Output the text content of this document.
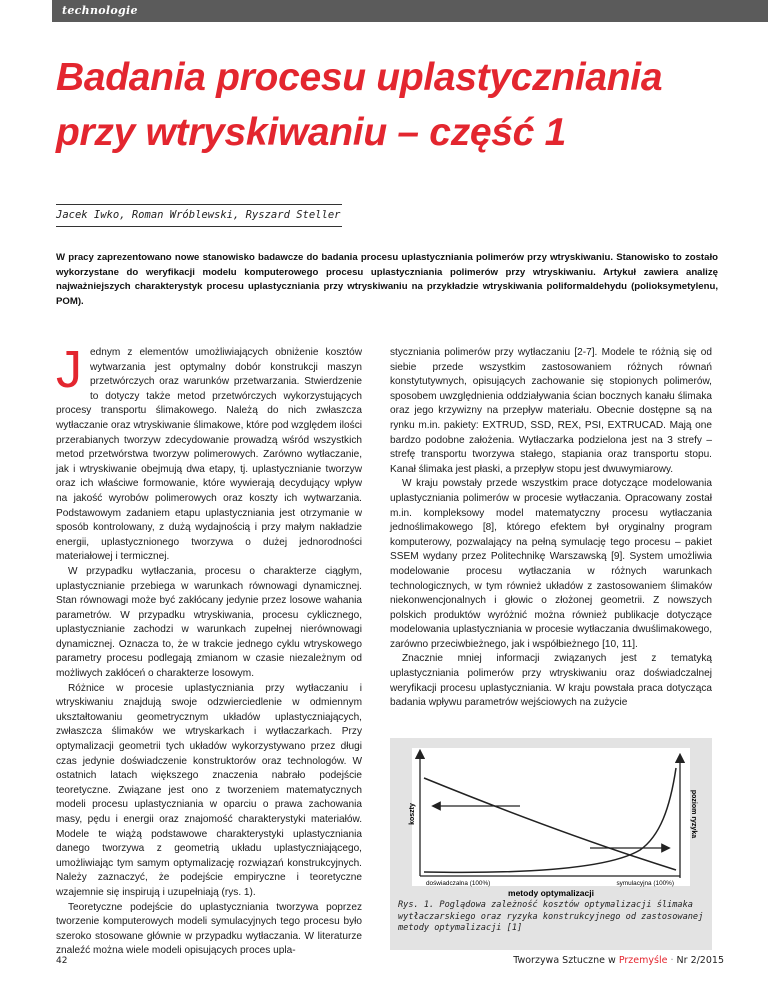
technologie
Badania procesu uplastyczniania
przy wtryskiwaniu – część 1
Jacek Iwko, Roman Wróblewski, Ryszard Steller

W pracy zaprezentowano nowe stanowisko badawcze do badania procesu uplastyczniania polimerów przy wtryskiwaniu. Stanowisko to zostało wykorzystane do weryfikacji modelu komputerowego procesu uplastyczniania polimerów przy wtryskiwaniu. Artykuł zawiera analizę najważniejszych charakterystyk procesu uplastyczniania przy wtryskiwaniu na przykładzie wtryskiwania poliformaldehydu (polioksymetylenu, POM).

Jednym z elementów umożliwiających obniżenie kosztów wytwarzania jest optymalny dobór konstrukcji maszyn przetwórczych oraz warunków przetwarzania. Stwierdzenie to dotyczy także metod przetwórczych wykorzystujących procesy transportu ślimakowego. Należą do nich zwłaszcza wytłaczanie oraz wtryskiwanie ślimakowe, które pod względem ilości przerabianych tworzyw zdecydowanie prowadzą wśród wszystkich metod przetwórstwa tworzyw polimerowych. Zarówno wytłaczanie, jak i wtryskiwanie obejmują dwa etapy, tj. uplastycznianie tworzyw oraz ich właściwe formowanie, które wywierają decydujący wpływ na jakość wyrobów polimerowych oraz koszty ich wytwarzania. Podstawowym zadaniem etapu uplastyczniania jest otrzymanie w sposób kontrolowany, z dużą wydajnością i przy małym nakładzie energii, uplastycznionego tworzywa o dużej jednorodności materiałowej i termicznej.

W przypadku wytłaczania, procesu o charakterze ciągłym, uplastycznianie przebiega w warunkach równowagi dynamicznej. Stan równowagi może być zakłócany jedynie przez losowe wahania parametrów. W przypadku wtryskiwania, procesu cyklicznego, uplastycznianie zachodzi w warunkach zupełnej nierównowagi dynamicznej. Oznacza to, że w trakcie jednego cyklu wtryskowego parametry procesu podlegają zmianom w czasie niezależnym od możliwych zakłóceń o charakterze losowym.

Różnice w procesie uplastyczniania przy wytłaczaniu i wtryskiwaniu znajdują swoje odzwierciedlenie w odmiennym ukształtowaniu geometrycznym układów uplastyczniających, zwłaszcza ślimaków we wtryskarkach i wytłaczarkach. Przy optymalizacji geometrii tych układów wykorzystywano przez długi czas jedynie doświadczenie konstruktorów oraz technologów. W ostatnich latach większego znaczenia nabrało podejście teoretyczne. Związane jest ono z tworzeniem matematycznych modeli procesu uplastyczniania w oparciu o prawa zachowania masy, pędu i energii oraz znajomość charakterystyki materiałów. Modele te wiążą podstawowe charakterystyki uplastyczniania danego tworzywa z geometrią układu uplastyczniającego, umożliwiając tym samym optymalizację rozwiązań konstrukcyjnych. Należy zaznaczyć, że podejście empiryczne i teoretyczne wzajemnie się inspirują i uzupełniają (rys. 1).

Teoretyczne podejście do uplastyczniania tworzywa poprzez tworzenie komputerowych modeli symulacyjnych tego procesu było szeroko stosowane głównie w przypadku wytłaczania. W literaturze znaleźć można wiele modeli opisujących proces upla-

styczniania polimerów przy wytłaczaniu [2-7]. Modele te różnią się od siebie przede wszystkim zastosowaniem różnych równań konstytutywnych, opisujących zachowanie się stopionych polimerów, sposobem uwzględnienia oddziaływania ścian bocznych kanału ślimaka oraz jego krzywizny na przepływ materiału. Obecnie dostępne są na rynku m.in. pakiety: EXTRUD, SSD, REX, PSI, EXTRUCAD. Mają one bardzo podobne założenia. Wytłaczarka podzielona jest na 3 strefy – strefę transportu tworzywa stałego, stapiania oraz transportu stopu. Kanał ślimaka jest płaski, a przepływ stopu jest dwuwymiarowy.

W kraju powstały przede wszystkim prace dotyczące modelowania uplastyczniania polimerów w procesie wytłaczania. Opracowany został m.in. kompleksowy model matematyczny procesu wytłaczania jednoślimakowego [8], którego efektem był oryginalny program komputerowy, pozwalający na pełną symulację tego procesu – pakiet SSEM wydany przez Politechnikę Warszawską [9]. System umożliwia modelowanie procesu wytłaczania w różnych warunkach technologicznych, w tym również układów z zastosowaniem ślimaków niekonwencjonalnych i głowic o złożonej geometrii. Z nowszych polskich produktów wyróżnić można również publikacje dotyczące modelowania uplastyczniania w procesie wytłaczania dwuślimakowego, zarówno przeciwbieżnego, jak i współbieżnego [10, 11].

Znacznie mniej informacji związanych jest z tematyką uplastyczniania polimerów przy wtryskiwaniu oraz doświadczalnej weryfikacji procesu uplastyczniania. W kraju powstała praca dotycząca badania wpływu parametrów wejściowych na zużycie

koszty	poziom ryzyka
doświadczalna (100%)	symulacyjna (100%)
metody optymalizacji
Rys. 1. Poglądowa zależność kosztów optymalizacji ślimaka wytłaczarskiego oraz ryzyka konstrukcyjnego od zastosowanej metody optymalizacji [1]
42	Tworzywa Sztuczne w Przemyśle · Nr 2/2015
